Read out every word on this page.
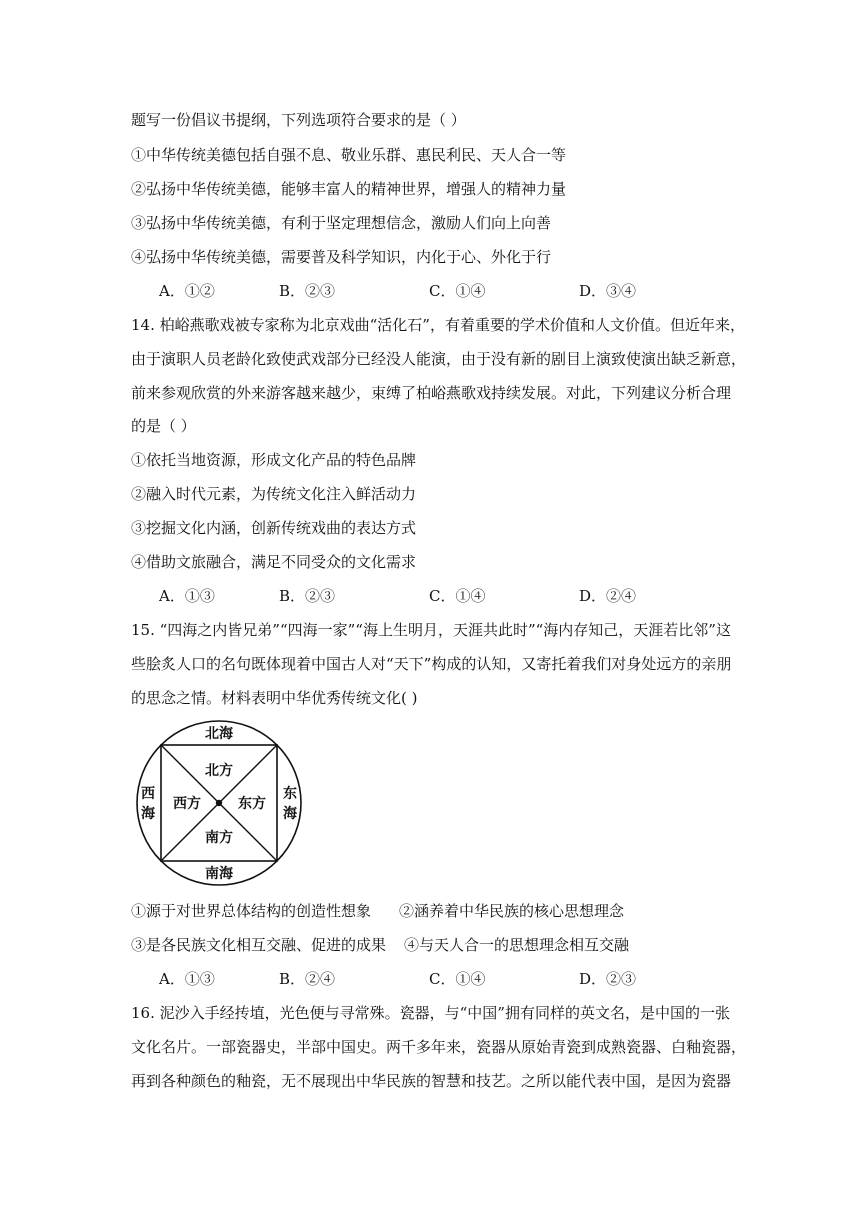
题写一份倡议书提纲，下列选项符合要求的是（ ）
①中华传统美德包括自强不息、敬业乐群、惠民利民、天人合一等
②弘扬中华传统美德，能够丰富人的精神世界，增强人的精神力量
③弘扬中华传统美德，有利于坚定理想信念，激励人们向上向善
④弘扬中华传统美德，需要普及科学知识，内化于心、外化于行
A．①②	B．②③	C．①④	D．③④
14. 柏峪燕歌戏被专家称为北京戏曲“活化石”，有着重要的学术价值和人文价值。但近年来，
由于演职人员老龄化致使武戏部分已经没人能演，由于没有新的剧目上演致使演出缺乏新意，
前来参观欣赏的外来游客越来越少，束缚了柏峪燕歌戏持续发展。对此，下列建议分析合理
的是（ ）
①依托当地资源，形成文化产品的特色品牌
②融入时代元素，为传统文化注入鲜活动力
③挖掘文化内涵，创新传统戏曲的表达方式
④借助文旅融合，满足不同受众的文化需求
A．①③	B．②③	C．①④	D．②④
15. “四海之内皆兄弟”“四海一家”“海上生明月，天涯共此时”“海内存知己，天涯若比邻”这
些脍炙人口的名句既体现着中国古人对“天下”构成的认知，又寄托着我们对身处远方的亲朋
的思念之情。材料表明中华优秀传统文化( )
北海
南海
西
海
东
海
北方
南方
西方	东方
①源于对世界总体结构的创造性想象 ②涵养着中华民族的核心思想理念
③是各民族文化相互交融、促进的成果 ④与天人合一的思想理念相互交融
A．①③	B．②④	C．①④	D．②③
16. 泥沙入手经抟埴，光色便与寻常殊。瓷器，与“中国”拥有同样的英文名，是中国的一张
文化名片。一部瓷器史，半部中国史。两千多年来，瓷器从原始青瓷到成熟瓷器、白釉瓷器，
再到各种颜色的釉瓷，无不展现出中华民族的智慧和技艺。之所以能代表中国，是因为瓷器
